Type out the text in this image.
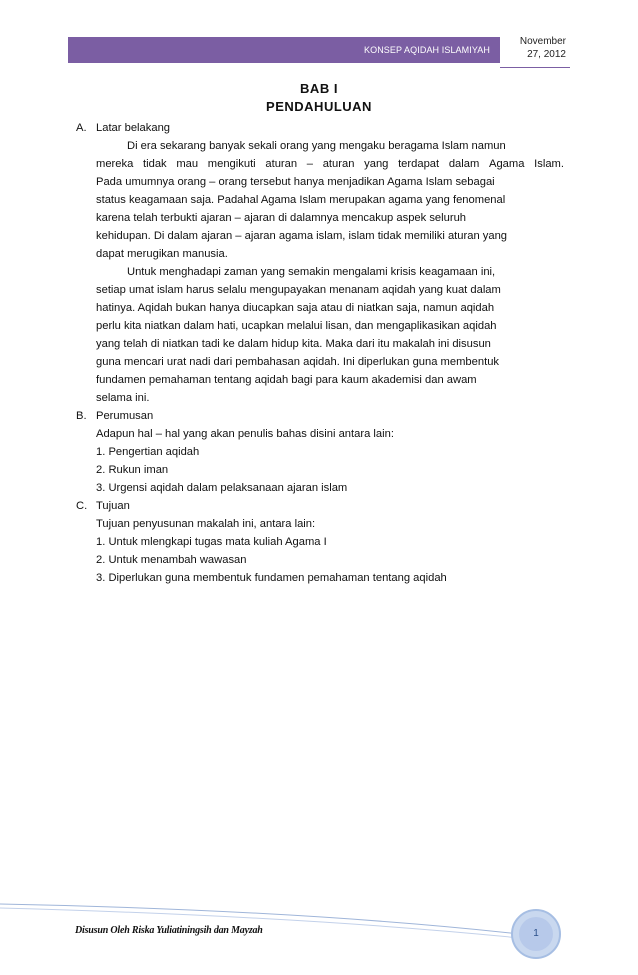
KONSEP AQIDAH ISLAMIYAH
November
27, 2012
BAB I
PENDAHULUAN
A. Latar belakang
Di era sekarang banyak sekali orang yang mengaku beragama Islam namun
mereka tidak mau mengikuti aturan – aturan yang terdapat dalam Agama Islam.
Pada umumnya orang – orang tersebut hanya menjadikan Agama Islam sebagai
status keagamaan saja. Padahal Agama Islam merupakan agama yang fenomenal
karena telah terbukti ajaran – ajaran di dalamnya mencakup aspek seluruh
kehidupan. Di dalam ajaran – ajaran agama islam, islam tidak memiliki aturan yang
dapat merugikan manusia.
Untuk menghadapi zaman yang semakin mengalami krisis keagamaan ini,
setiap umat islam harus selalu mengupayakan menanam aqidah yang kuat dalam
hatinya. Aqidah bukan hanya diucapkan saja atau di niatkan saja, namun aqidah
perlu kita niatkan dalam hati, ucapkan melalui lisan, dan mengaplikasikan aqidah
yang telah di niatkan tadi ke dalam hidup kita. Maka dari itu makalah ini disusun
guna mencari urat nadi dari pembahasan aqidah. Ini diperlukan guna membentuk
fundamen pemahaman tentang aqidah bagi para kaum akademisi dan awam
selama ini.
B. Perumusan
Adapun hal – hal yang akan penulis bahas disini antara lain:
1. Pengertian aqidah
2. Rukun iman
3. Urgensi aqidah dalam pelaksanaan ajaran islam
C. Tujuan
Tujuan penyusunan makalah ini, antara lain:
1. Untuk mlengkapi tugas mata kuliah Agama I
2. Untuk menambah wawasan
3. Diperlukan guna membentuk fundamen pemahaman tentang aqidah
Disusun Oleh Riska Yuliatiningsih dan Mayzah	1
